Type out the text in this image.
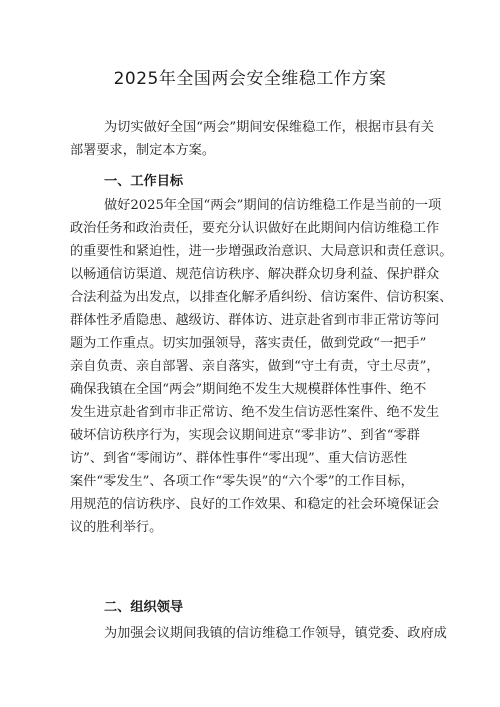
2025年全国两会安全维稳工作方案
为切实做好全国“两会”期间安保维稳工作，根据市县有关
部署要求，制定本方案。
一、工作目标
做好2025年全国“两会”期间的信访维稳工作是当前的一项
政治任务和政治责任，要充分认识做好在此期间内信访维稳工作
的重要性和紧迫性，进一步增强政治意识、大局意识和责任意识。
以畅通信访渠道、规范信访秩序、解决群众切身利益、保护群众
合法利益为出发点，以排查化解矛盾纠纷、信访案件、信访积案、
群体性矛盾隐患、越级访、群体访、进京赴省到市非正常访等问
题为工作重点。切实加强领导，落实责任，做到党政“一把手”
亲自负责、亲自部署、亲自落实，做到“守土有责，守土尽责”，
确保我镇在全国“两会”期间绝不发生大规模群体性事件、绝不
发生进京赴省到市非正常访、绝不发生信访恶性案件、绝不发生
破坏信访秩序行为，实现会议期间进京“零非访”、到省“零群
访”、到省“零闹访”、群体性事件“零出现”、重大信访恶性
案件“零发生”、各项工作“零失误”的“六个零”的工作目标，
用规范的信访秩序、良好的工作效果、和稳定的社会环境保证会
议的胜利举行。
二、组织领导
为加强会议期间我镇的信访维稳工作领导，镇党委、政府成
